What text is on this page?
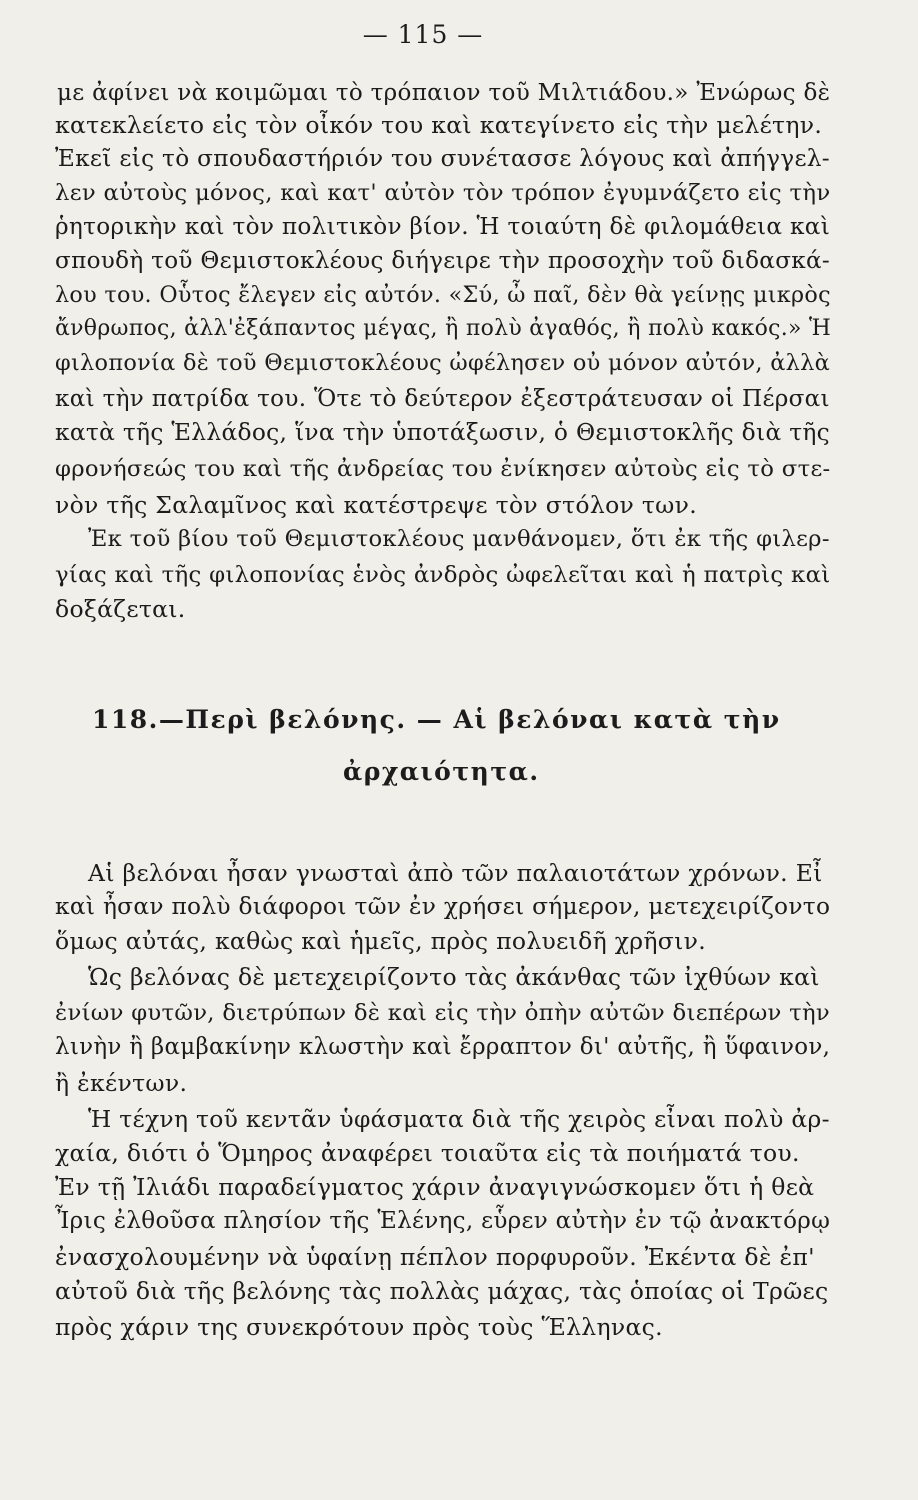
— 115 —
με ἀφίνει νὰ κοιμῶμαι τὸ τρόπαιον τοῦ Μιλτιάδου.» Ἐνώρως δὲ
κατεκλείετο εἰς τὸν οἶκόν του καὶ κατεγίνετο εἰς τὴν μελέτην.
Ἐκεῖ εἰς τὸ σπουδαστήριόν του συνέτασσε λόγους καὶ ἀπήγγελ-
λεν αὐτοὺς μόνος, καὶ κατ' αὐτὸν τὸν τρόπον ἐγυμνάζετο εἰς τὴν
ῥητορικὴν καὶ τὸν πολιτικὸν βίον. Ἡ τοιαύτη δὲ φιλομάθεια καὶ
σπουδὴ τοῦ Θεμιστοκλέους διήγειρε τὴν προσοχὴν τοῦ διδασκά-
λου του. Οὗτος ἔλεγεν εἰς αὐτόν. «Σύ, ὦ παῖ, δὲν θὰ γείνῃς μικρὸς
ἄνθρωπος, ἀλλ'ἐξάπαντος μέγας, ἢ πολὺ ἀγαθός, ἢ πολὺ κακός.» Ἡ
φιλοπονία δὲ τοῦ Θεμιστοκλέους ὠφέλησεν οὐ μόνον αὐτόν, ἀλλὰ
καὶ τὴν πατρίδα του. Ὅτε τὸ δεύτερον ἐξεστράτευσαν οἱ Πέρσαι
κατὰ τῆς Ἑλλάδος, ἵνα τὴν ὑποτάξωσιν, ὁ Θεμιστοκλῆς διὰ τῆς
φρονήσεώς του καὶ τῆς ἀνδρείας του ἐνίκησεν αὐτοὺς εἰς τὸ στε-
νὸν τῆς Σαλαμῖνος καὶ κατέστρεψε τὸν στόλον των.
Ἐκ τοῦ βίου τοῦ Θεμιστοκλέους μανθάνομεν, ὅτι ἐκ τῆς φιλερ-
γίας καὶ τῆς φιλοπονίας ἑνὸς ἀνδρὸς ὠφελεῖται καὶ ἡ πατρὶς καὶ
δοξάζεται.
118.—Περὶ βελόνης. — Αἱ βελόναι κατὰ τὴν
ἀρχαιότητα.
Αἱ βελόναι ἦσαν γνωσταὶ ἀπὸ τῶν παλαιοτάτων χρόνων. Εἶ
καὶ ἦσαν πολὺ διάφοροι τῶν ἐν χρήσει σήμερον, μετεχειρίζοντο
ὅμως αὐτάς, καθὼς καὶ ἡμεῖς, πρὸς πολυειδῆ χρῆσιν.
Ὡς βελόνας δὲ μετεχειρίζοντο τὰς ἀκάνθας τῶν ἰχθύων καὶ
ἐνίων φυτῶν, διετρύπων δὲ καὶ εἰς τὴν ὀπὴν αὐτῶν διεπέρων τὴν
λινὴν ἢ βαμβακίνην κλωστὴν καὶ ἔρραπτον δι' αὐτῆς, ἢ ὕφαινον,
ἢ ἐκέντων.
Ἡ τέχνη τοῦ κεντᾶν ὑφάσματα διὰ τῆς χειρὸς εἶναι πολὺ ἀρ-
χαία, διότι ὁ Ὅμηρος ἀναφέρει τοιαῦτα εἰς τὰ ποιήματά του.
Ἐν τῇ Ἰλιάδι παραδείγματος χάριν ἀναγιγνώσκομεν ὅτι ἡ θεὰ
Ἶρις ἐλθοῦσα πλησίον τῆς Ἑλένης, εὗρεν αὐτὴν ἐν τῷ ἀνακτόρῳ
ἐνασχολουμένην νὰ ὑφαίνῃ πέπλον πορφυροῦν. Ἐκέντα δὲ ἐπ'
αὐτοῦ διὰ τῆς βελόνης τὰς πολλὰς μάχας, τὰς ὁποίας οἱ Τρῶες
πρὸς χάριν της συνεκρότουν πρὸς τοὺς Ἕλληνας.
